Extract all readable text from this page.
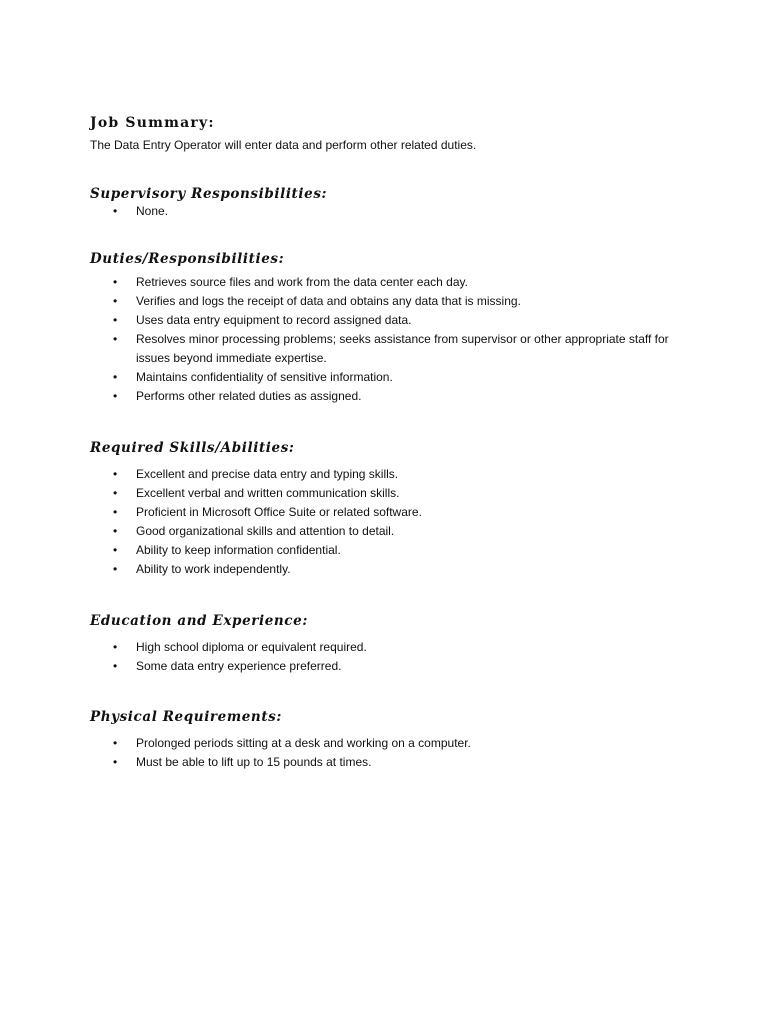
Job Summary:

The Data Entry Operator will enter data and perform other related duties.

Supervisory Responsibilities:
• None.
Duties/Responsibilities:
• Retrieves source files and work from the data center each day.
• Verifies and logs the receipt of data and obtains any data that is missing.
• Uses data entry equipment to record assigned data.
• Resolves minor processing problems; seeks assistance from supervisor or other appropriate staff for issues beyond immediate expertise.
• Maintains confidentiality of sensitive information.
• Performs other related duties as assigned.
Required Skills/Abilities:
• Excellent and precise data entry and typing skills.
• Excellent verbal and written communication skills.
• Proficient in Microsoft Office Suite or related software.
• Good organizational skills and attention to detail.
• Ability to keep information confidential.
• Ability to work independently.
Education and Experience:
• High school diploma or equivalent required.
• Some data entry experience preferred.
Physical Requirements:
• Prolonged periods sitting at a desk and working on a computer.
• Must be able to lift up to 15 pounds at times.
